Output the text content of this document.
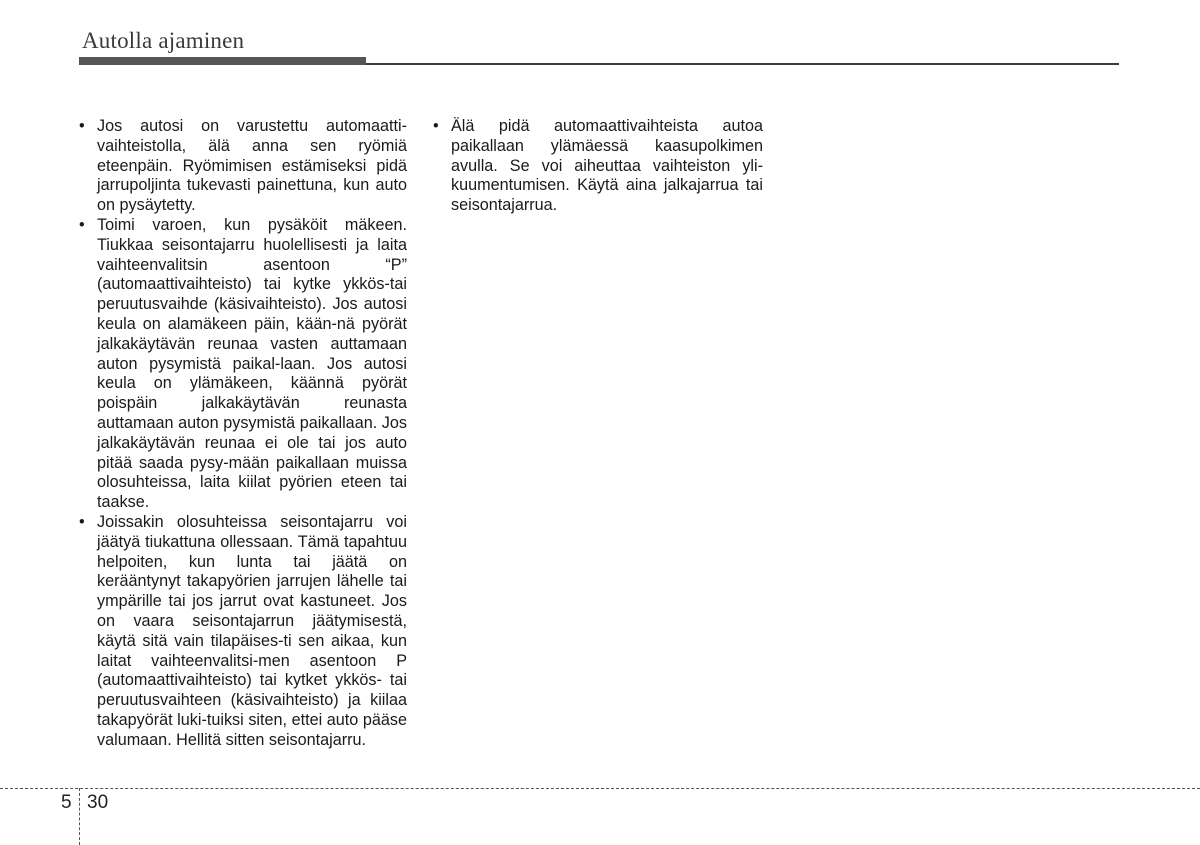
Autolla ajaminen
• Jos autosi on varustettu automaatti-vaihteistolla, älä anna sen ryömiä eteenpäin. Ryömimisen estämiseksi pidä jarrupoljinta tukevasti painettuna, kun auto on pysäytetty.
• Toimi varoen, kun pysäköit mäkeen. Tiukkaa seisontajarru huolellisesti ja laita vaihteenvalitsin asentoon “P” (automaattivaihteisto) tai kytke ykkös-tai peruutusvaihde (käsivaihteisto). Jos autosi keula on alamäkeen päin, kään-nä pyörät jalkakäytävän reunaa vasten auttamaan auton pysymistä paikal-laan. Jos autosi keula on ylämäkeen, käännä pyörät poispäin jalkakäytävän reunasta auttamaan auton pysymistä paikallaan. Jos jalkakäytävän reunaa ei ole tai jos auto pitää saada pysy-mään paikallaan muissa olosuhteissa, laita kiilat pyörien eteen tai taakse.
• Joissakin olosuhteissa seisontajarru voi jäätyä tiukattuna ollessaan. Tämä tapahtuu helpoiten, kun lunta tai jäätä on kerääntynyt takapyörien jarrujen lähelle tai ympärille tai jos jarrut ovat kastuneet. Jos on vaara seisontajarrun jäätymisestä, käytä sitä vain tilapäises-ti sen aikaa, kun laitat vaihteenvalitsi-men asentoon P (automaattivaihteisto) tai kytket ykkös- tai peruutusvaihteen (käsivaihteisto) ja kiilaa takapyörät luki-tuiksi siten, ettei auto pääse valumaan. Hellitä sitten seisontajarru.
• Älä pidä automaattivaihteista autoa paikallaan ylämäessä kaasupolkimen avulla. Se voi aiheuttaa vaihteiston yli-kuumentumisen. Käytä aina jalkajarrua tai seisontajarrua.
5 30
